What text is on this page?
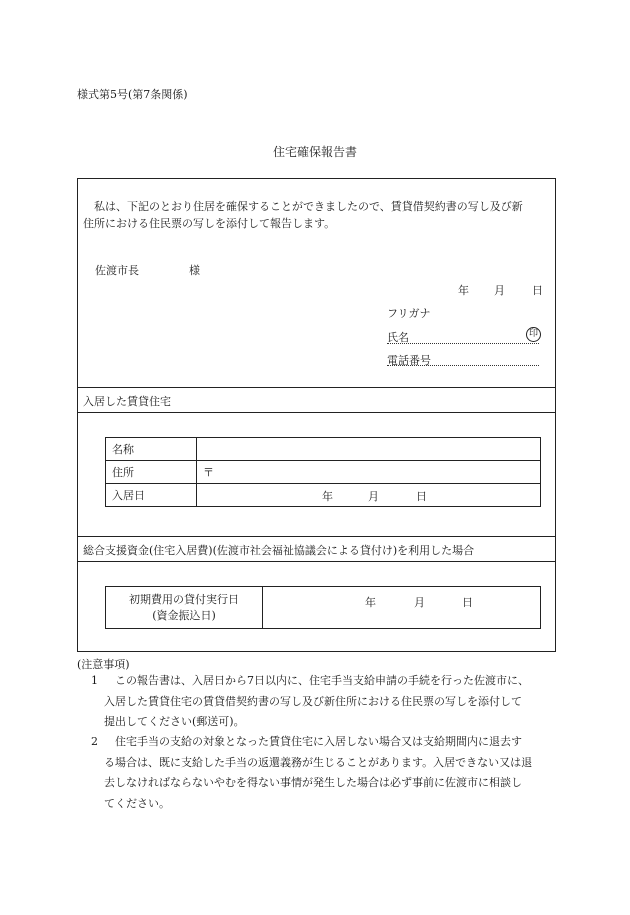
様式第5号(第7条関係)
住宅確保報告書
私は、下記のとおり住居を確保することができましたので、賃貸借契約書の写し及び新
住所における住民票の写しを添付して報告します。
佐渡市長	様
年 月 日
フリガナ
氏名	印
電話番号
入居した賃貸住宅
名称	
住所	〒
入居日	年 月 日
総合支援資金(住宅入居費)(佐渡市社会福祉協議会による貸付け)を利用した場合
初期費用の貸付実行日
(資金振込日)

年	月	日
(注意事項)
1	この報告書は、入居日から7日以内に、住宅手当支給申請の手続を行った佐渡市に、
入居した賃貸住宅の賃貸借契約書の写し及び新住所における住民票の写しを添付して
提出してください(郵送可)。
2	住宅手当の支給の対象となった賃貸住宅に入居しない場合又は支給期間内に退去す
る場合は、既に支給した手当の返還義務が生じることがあります。入居できない又は退
去しなければならないやむを得ない事情が発生した場合は必ず事前に佐渡市に相談し
てください。
